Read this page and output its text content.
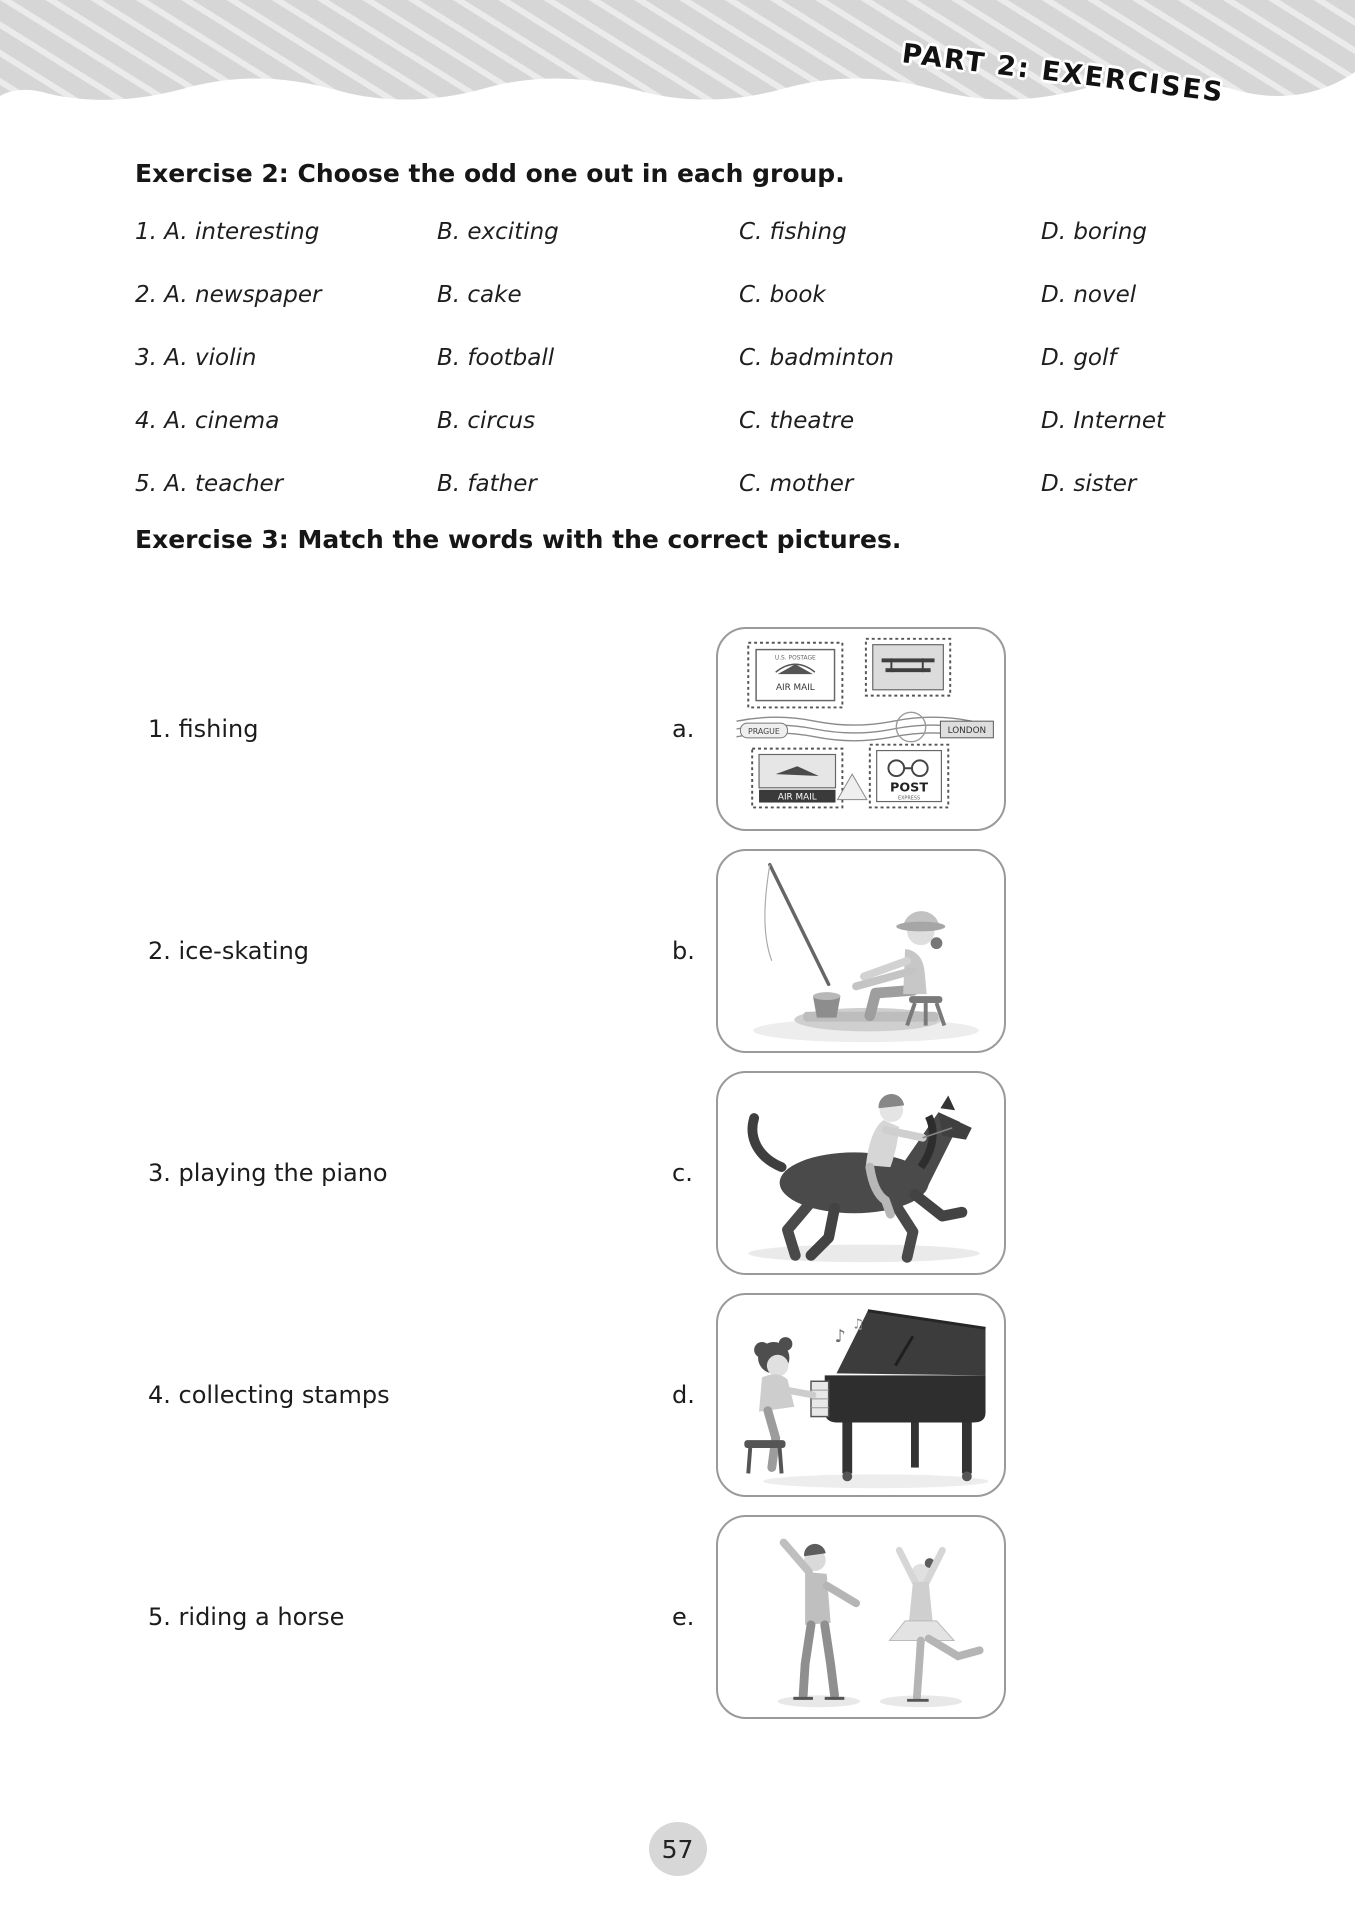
PART 2: EXERCISES
Exercise 2: Choose the odd one out in each group.
1. A. interesting	B. exciting	C. fishing	D. boring
2. A. newspaper	B. cake	C. book	D. novel
3. A. violin	B. football	C. badminton	D. golf
4. A. cinema	B. circus	C. theatre	D. Internet
5. A. teacher	B. father	C. mother	D. sister
Exercise 3: Match the words with the correct pictures.
1. fishing	a.
U.S. POSTAGE
AIR MAIL
PRAGUE	LONDON
AIR MAIL
POST
EXPRESS
2. ice-skating	b.
3. playing the piano	c.
4. collecting stamps	d.
♪
♫
5. riding a horse	e.
57
